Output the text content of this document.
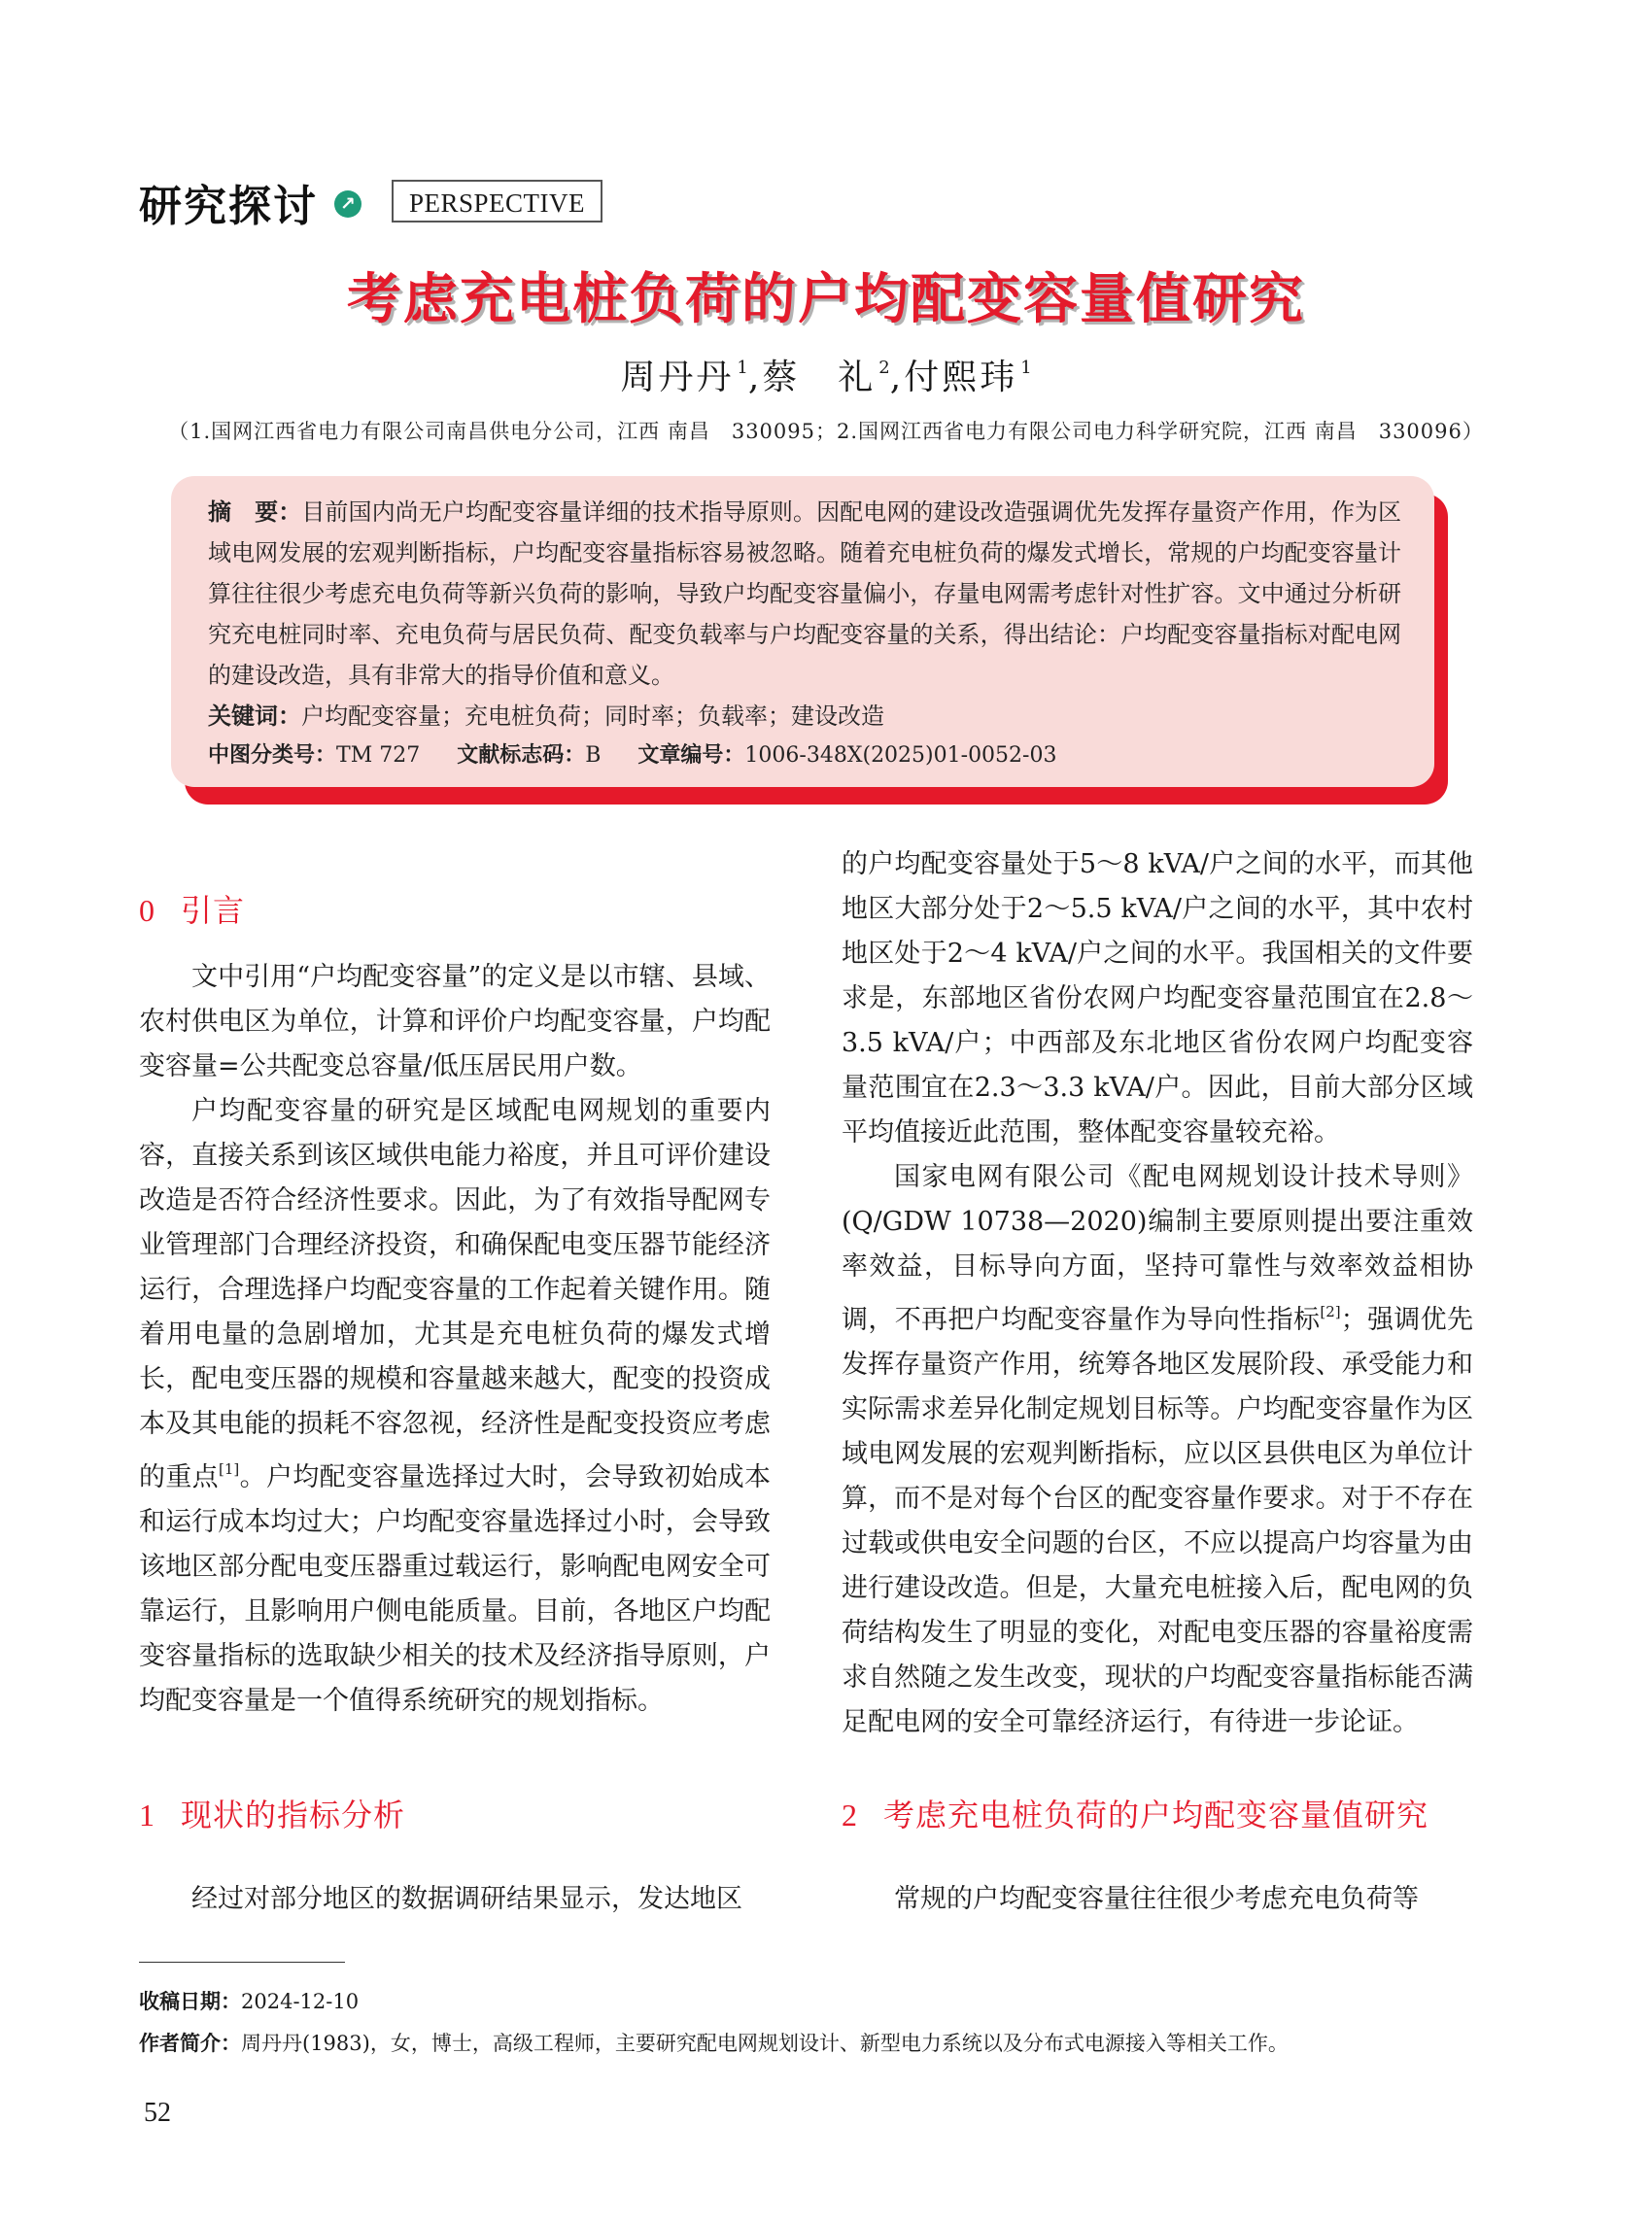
研究探讨	↗	PERSPECTIVE
考虑充电桩负荷的户均配变容量值研究
周丹丹 $^1$,蔡　礼 $^2$,付熙玮 $^1$
（1.国网江西省电力有限公司南昌供电分公司，江西 南昌　330095；2.国网江西省电力有限公司电力科学研究院，江西 南昌　330096）
摘　要：目前国内尚无户均配变容量详细的技术指导原则。因配电网的建设改造强调优先发挥存量资产作用，作为区域电网发展的宏观判断指标，户均配变容量指标容易被忽略。随着充电桩负荷的爆发式增长，常规的户均配变容量计算往往很少考虑充电负荷等新兴负荷的影响，导致户均配变容量偏小，存量电网需考虑针对性扩容。文中通过分析研究充电桩同时率、充电负荷与居民负荷、配变负载率与户均配变容量的关系，得出结论：户均配变容量指标对配电网的建设改造，具有非常大的指导价值和意义。
关键词：户均配变容量；充电桩负荷；同时率；负载率；建设改造
中图分类号：TM 727 文献标志码：B 文章编号：1006-348X(2025)01-0052-03
0 引言

文中引用“户均配变容量”的定义是以市辖、县域、农村供电区为单位，计算和评价户均配变容量，户均配变容量=公共配变总容量/低压居民用户数。

户均配变容量的研究是区域配电网规划的重要内容，直接关系到该区域供电能力裕度，并且可评价建设改造是否符合经济性要求。因此，为了有效指导配网专业管理部门合理经济投资，和确保配电变压器节能经济运行，合理选择户均配变容量的工作起着关键作用。随着用电量的急剧增加，尤其是充电桩负荷的爆发式增长，配电变压器的规模和容量越来越大，配变的投资成本及其电能的损耗不容忽视，经济性是配变投资应考虑的重点[1]。户均配变容量选择过大时，会导致初始成本和运行成本均过大；户均配变容量选择过小时，会导致该地区部分配电变压器重过载运行，影响配电网安全可靠运行，且影响用户侧电能质量。目前，各地区户均配变容量指标的选取缺少相关的技术及经济指导原则，户均配变容量是一个值得系统研究的规划指标。

1 现状的指标分析
经过对部分地区的数据调研结果显示，发达地区

的户均配变容量处于5～8 kVA/户之间的水平，而其他地区大部分处于2～5.5 kVA/户之间的水平，其中农村地区处于2～4 kVA/户之间的水平。我国相关的文件要求是，东部地区省份农网户均配变容量范围宜在2.8～3.5 kVA/户；中西部及东北地区省份农网户均配变容量范围宜在2.3～3.3 kVA/户。因此，目前大部分区域平均值接近此范围，整体配变容量较充裕。

国家电网有限公司《配电网规划设计技术导则》(Q/GDW 10738—2020)编制主要原则提出要注重效率效益，目标导向方面，坚持可靠性与效率效益相协调，不再把户均配变容量作为导向性指标[2]；强调优先发挥存量资产作用，统筹各地区发展阶段、承受能力和实际需求差异化制定规划目标等。户均配变容量作为区域电网发展的宏观判断指标，应以区县供电区为单位计算，而不是对每个台区的配变容量作要求。对于不存在过载或供电安全问题的台区，不应以提高户均容量为由进行建设改造。但是，大量充电桩接入后，配电网的负荷结构发生了明显的变化，对配电变压器的容量裕度需求自然随之发生改变，现状的户均配变容量指标能否满足配电网的安全可靠经济运行，有待进一步论证。

2 考虑充电桩负荷的户均配变容量值研究
常规的户均配变容量往往很少考虑充电负荷等
收稿日期：2024-12-10
作者简介：周丹丹(1983)，女，博士，高级工程师，主要研究配电网规划设计、新型电力系统以及分布式电源接入等相关工作。
52
